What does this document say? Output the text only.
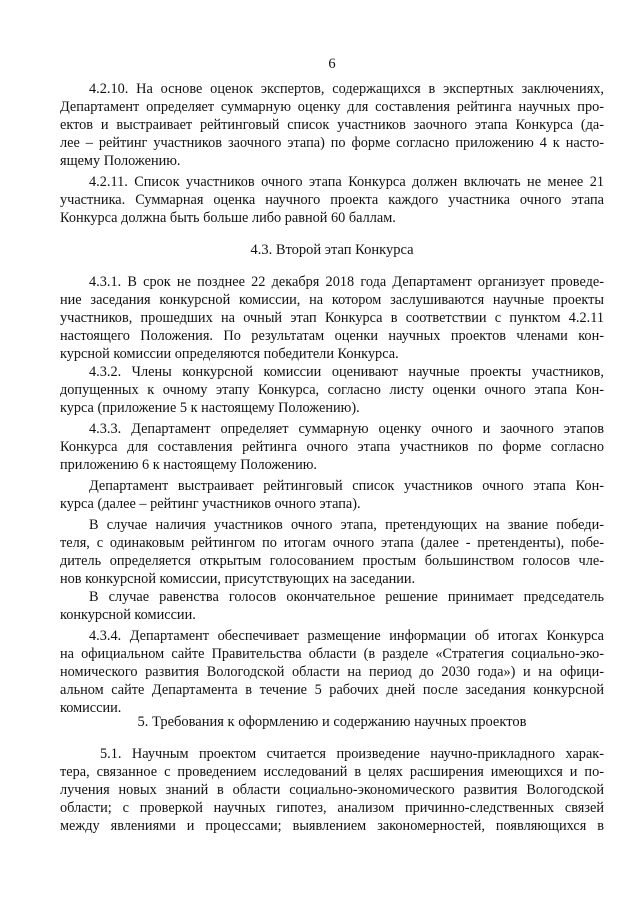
6
4.2.10. На основе оценок экспертов, содержащихся в экспертных заключениях,
Департамент определяет суммарную оценку для составления рейтинга научных про-
ектов и выстраивает рейтинговый список участников заочного этапа Конкурса (да-
лее – рейтинг участников заочного этапа) по форме согласно приложению 4 к насто-
ящему Положению.
4.2.11. Список участников очного этапа Конкурса должен включать не менее 21
участника. Суммарная оценка научного проекта каждого участника очного этапа
Конкурса должна быть больше либо равной 60 баллам.
4.3. Второй этап Конкурса
4.3.1. В срок не позднее 22 декабря 2018 года Департамент организует проведе-
ние заседания конкурсной комиссии, на котором заслушиваются научные проекты
участников, прошедших на очный этап Конкурса в соответствии с пунктом 4.2.11
настоящего Положения. По результатам оценки научных проектов членами кон-
курсной комиссии определяются победители Конкурса.
4.3.2. Члены конкурсной комиссии оценивают научные проекты участников,
допущенных к очному этапу Конкурса, согласно листу оценки очного этапа Кон-
курса (приложение 5 к настоящему Положению).
4.3.3. Департамент определяет суммарную оценку очного и заочного этапов
Конкурса для составления рейтинга очного этапа участников по форме согласно
приложению 6 к настоящему Положению.
Департамент выстраивает рейтинговый список участников очного этапа Кон-
курса (далее – рейтинг участников очного этапа).
В случае наличия участников очного этапа, претендующих на звание победи-
теля, с одинаковым рейтингом по итогам очного этапа (далее - претенденты), побе-
дитель определяется открытым голосованием простым большинством голосов чле-
нов конкурсной комиссии, присутствующих на заседании.
В случае равенства голосов окончательное решение принимает председатель
конкурсной комиссии.
4.3.4. Департамент обеспечивает размещение информации об итогах Конкурса
на официальном сайте Правительства области (в разделе «Стратегия социально-эко-
номического развития Вологодской области на период до 2030 года») и на офици-
альном сайте Департамента в течение 5 рабочих дней после заседания конкурсной
комиссии.
5. Требования к оформлению и содержанию научных проектов
5.1. Научным проектом считается произведение научно-прикладного харак-
тера, связанное с проведением исследований в целях расширения имеющихся и по-
лучения новых знаний в области социально-экономического развития Вологодской
области; с проверкой научных гипотез, анализом причинно-следственных связей
между явлениями и процессами; выявлением закономерностей, появляющихся в
